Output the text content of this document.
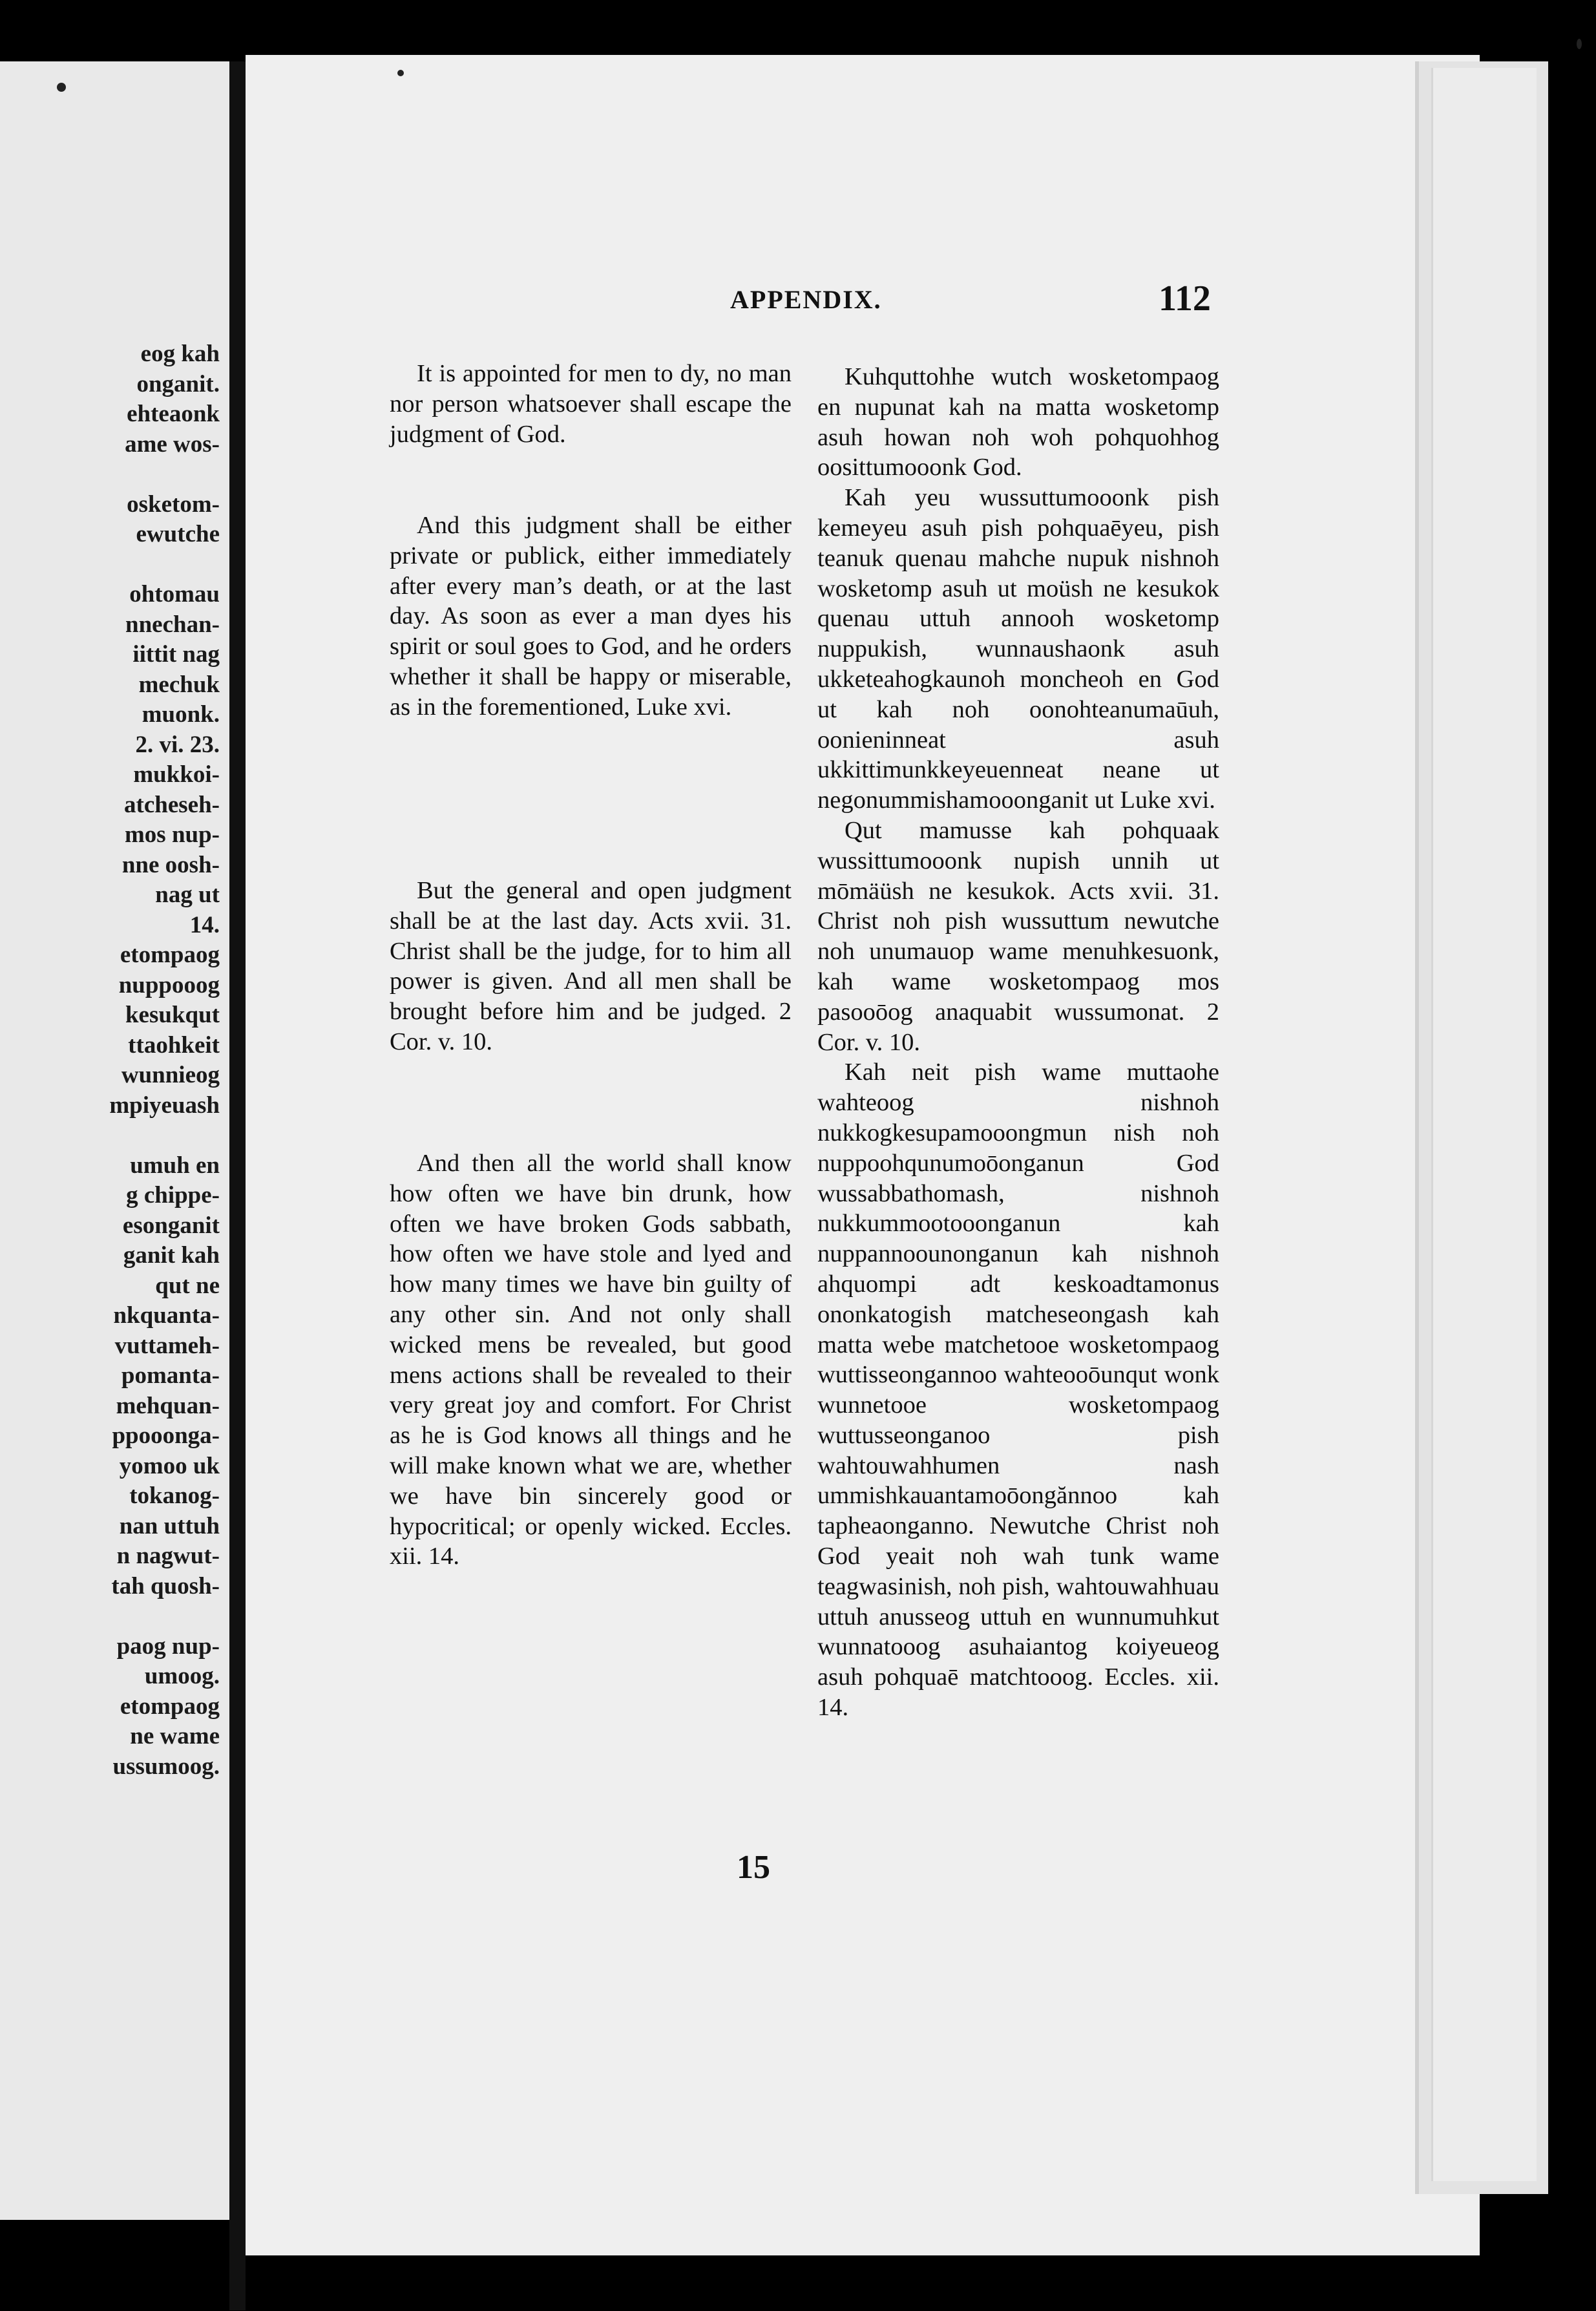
eog kah
onganit.
ehteaonk
ame wos-

osketom-
ewutche

ohtomau
nnechan-
iittit nag
mechuk
muonk.
2. vi. 23.
mukkoi-
atcheseh-
mos nup-
nne oosh-
nag ut
14.
etompaog
nuppooog
kesukqut
ttaohkeit
wunnieog
mpiyeuash

umuh en
g chippe-
esonganit
ganit kah
qut ne
nkquanta-
vuttameh-
pomanta-
mehquan-
ppooonga-
yomoo uk
tokanog-
nan uttuh
n nagwut-
tah quosh-

paog nup-
umoog.
etompaog
ne wame
ussumoog.
APPENDIX.	112

It is appointed for men to dy, no man nor person whatsoever shall escape the judgment of God.

And this judgment shall be either private or publick, either immediately after every man’s death, or at the last day. As soon as ever a man dyes his spirit or soul goes to God, and he orders whether it shall be happy or miserable, as in the forementioned, Luke xvi.

But the general and open judgment shall be at the last day. Acts xvii. 31. Christ shall be the judge, for to him all power is given. And all men shall be brought before him and be judged. 2 Cor. v. 10.

And then all the world shall know how often we have bin drunk, how often we have broken Gods sabbath, how often we have stole and lyed and how many times we have bin guilty of any other sin. And not only shall wicked mens be revealed, but good mens actions shall be revealed to their very great joy and comfort. For Christ as he is God knows all things and he will make known what we are, whether we have bin sincerely good or hypocritical; or openly wicked. Eccles. xii. 14.

Kuhquttohhe wutch wosketompaog en nupunat kah na matta wosketomp asuh howan noh woh pohquohhog oosittumooonk God.

Kah yeu wussuttumooonk pish kemeyeu asuh pish pohquaēyeu, pish teanuk quenau mahche nupuk nishnoh wosketomp asuh ut moüsh ne kesukok quenau uttuh annooh wosketomp nuppukish, wunnaushaonk asuh ukketeahogkaunoh moncheoh en God ut kah noh oonohteanumaūuh, oonieninneat asuh ukkittimunkkeyeuenneat neane ut negonummishamooonganit ut Luke xvi.

Qut mamusse kah pohquaak wussittumooonk nupish unnih ut mōmäüsh ne kesukok. Acts xvii. 31. Christ noh pish wussuttum newutche noh unumauop wame menuhkesuonk, kah wame wosketompaog mos pasooōog anaquabit wussumonat. 2 Cor. v. 10.

Kah neit pish wame muttaohe wahteoog nishnoh nukkogkesupamooongmun nish noh nuppoohqunumoōonganun God wussabbathomash, nishnoh nukkummootooonganun kah nuppannoounonganun kah nishnoh ahquompi adt keskoadtamonus ononkatogish matcheseongash kah matta webe matchetooe wosketompaog wuttisseongannoo wahteooōunqut wonk wunnetooe wosketompaog wuttusseonganoo pish wahtouwahhumen nash ummishkauantamoōongănnoo kah tapheaonganno. Newutche Christ noh God yeait noh wah tunk wame teagwasinish, noh pish, wahtouwahhuau uttuh anusseog uttuh en wunnumuhkut wunnatooog asuhaiantog koiyeueog asuh pohquaē matchtooog. Eccles. xii. 14.

15
